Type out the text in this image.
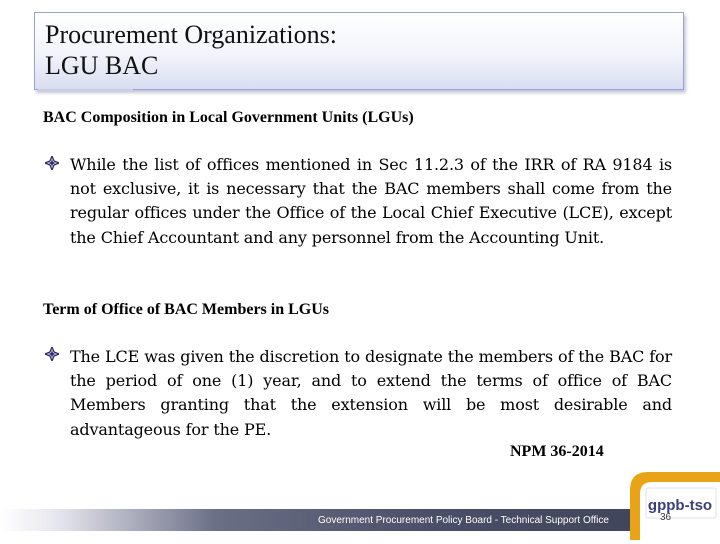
Procurement Organizations:
LGU BAC
BAC Composition in Local Government Units (LGUs)
While the list of offices mentioned in Sec 11.2.3 of the IRR of RA 9184 is not exclusive, it is necessary that the BAC members shall come from the regular offices under the Office of the Local Chief Executive (LCE), except the Chief Accountant and any personnel from the Accounting Unit.
Term of Office of BAC Members in LGUs
The LCE was given the discretion to designate the members of the BAC for the period of one (1) year, and to extend the terms of office of BAC Members granting that the extension will be most desirable and advantageous for the PE.
NPM 36-2014
Government Procurement Policy Board - Technical Support Office
gppb-tso
36
